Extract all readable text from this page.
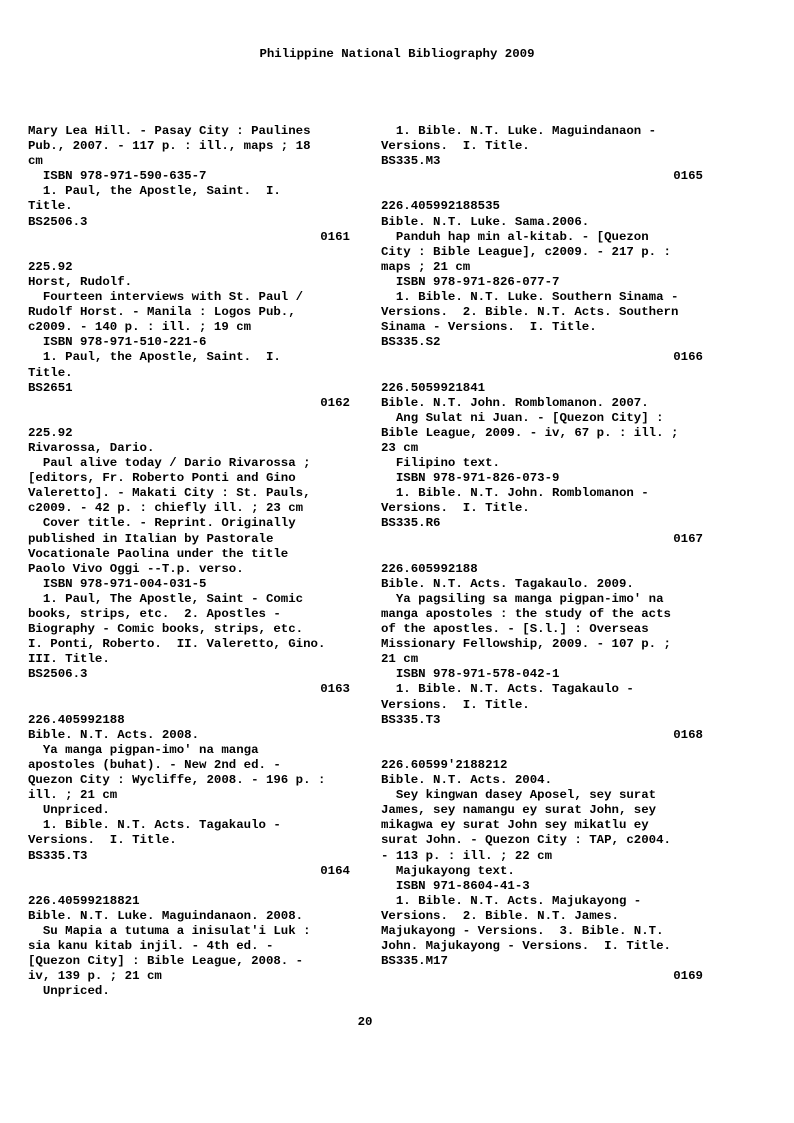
Philippine National Bibliography 2009
Mary Lea Hill. - Pasay City : Paulines
Pub., 2007. - 117 p. : ill., maps ; 18
cm
ISBN 978-971-590-635-7
1. Paul, the Apostle, Saint.  I.
Title.
BS2506.3
0161
225.92
Horst, Rudolf.
Fourteen interviews with St. Paul /
Rudolf Horst. - Manila : Logos Pub.,
c2009. - 140 p. : ill. ; 19 cm
ISBN 978-971-510-221-6
1. Paul, the Apostle, Saint.  I.
Title.
BS2651
0162
225.92
Rivarossa, Dario.
Paul alive today / Dario Rivarossa ;
[editors, Fr. Roberto Ponti and Gino
Valeretto]. - Makati City : St. Pauls,
c2009. - 42 p. : chiefly ill. ; 23 cm
Cover title. - Reprint. Originally
published in Italian by Pastorale
Vocationale Paolina under the title
Paolo Vivo Oggi --T.p. verso.
ISBN 978-971-004-031-5
1. Paul, The Apostle, Saint - Comic
books, strips, etc.  2. Apostles -
Biography - Comic books, strips, etc.
I. Ponti, Roberto.  II. Valeretto, Gino.
III. Title.
BS2506.3
0163
226.405992188
Bible. N.T. Acts. 2008.
Ya manga pigpan-imo' na manga
apostoles (buhat). - New 2nd ed. -
Quezon City : Wycliffe, 2008. - 196 p. :
ill. ; 21 cm
Unpriced.
1. Bible. N.T. Acts. Tagakaulo -
Versions.  I. Title.
BS335.T3
0164
226.40599218821
Bible. N.T. Luke. Maguindanaon. 2008.
Su Mapia a tutuma a inisulat'i Luk :
sia kanu kitab injil. - 4th ed. -
[Quezon City] : Bible League, 2008. -
iv, 139 p. ; 21 cm
Unpriced.
1. Bible. N.T. Luke. Maguindanaon -
Versions.  I. Title.
BS335.M3
0165
226.405992188535
Bible. N.T. Luke. Sama.2006.
Panduh hap min al-kitab. - [Quezon
City : Bible League], c2009. - 217 p. :
maps ; 21 cm
ISBN 978-971-826-077-7
1. Bible. N.T. Luke. Southern Sinama -
Versions.  2. Bible. N.T. Acts. Southern
Sinama - Versions.  I. Title.
BS335.S2
0166
226.5059921841
Bible. N.T. John. Romblomanon. 2007.
Ang Sulat ni Juan. - [Quezon City] :
Bible League, 2009. - iv, 67 p. : ill. ;
23 cm
Filipino text.
ISBN 978-971-826-073-9
1. Bible. N.T. John. Romblomanon -
Versions.  I. Title.
BS335.R6
0167
226.605992188
Bible. N.T. Acts. Tagakaulo. 2009.
Ya pagsiling sa manga pigpan-imo' na
manga apostoles : the study of the acts
of the apostles. - [S.l.] : Overseas
Missionary Fellowship, 2009. - 107 p. ;
21 cm
ISBN 978-971-578-042-1
1. Bible. N.T. Acts. Tagakaulo -
Versions.  I. Title.
BS335.T3
0168
226.60599'2188212
Bible. N.T. Acts. 2004.
Sey kingwan dasey Aposel, sey surat
James, sey namangu ey surat John, sey
mikagwa ey surat John sey mikatlu ey
surat John. - Quezon City : TAP, c2004.
- 113 p. : ill. ; 22 cm
Majukayong text.
ISBN 971-8604-41-3
1. Bible. N.T. Acts. Majukayong -
Versions.  2. Bible. N.T. James.
Majukayong - Versions.  3. Bible. N.T.
John. Majukayong - Versions.  I. Title.
BS335.M17
0169
20
